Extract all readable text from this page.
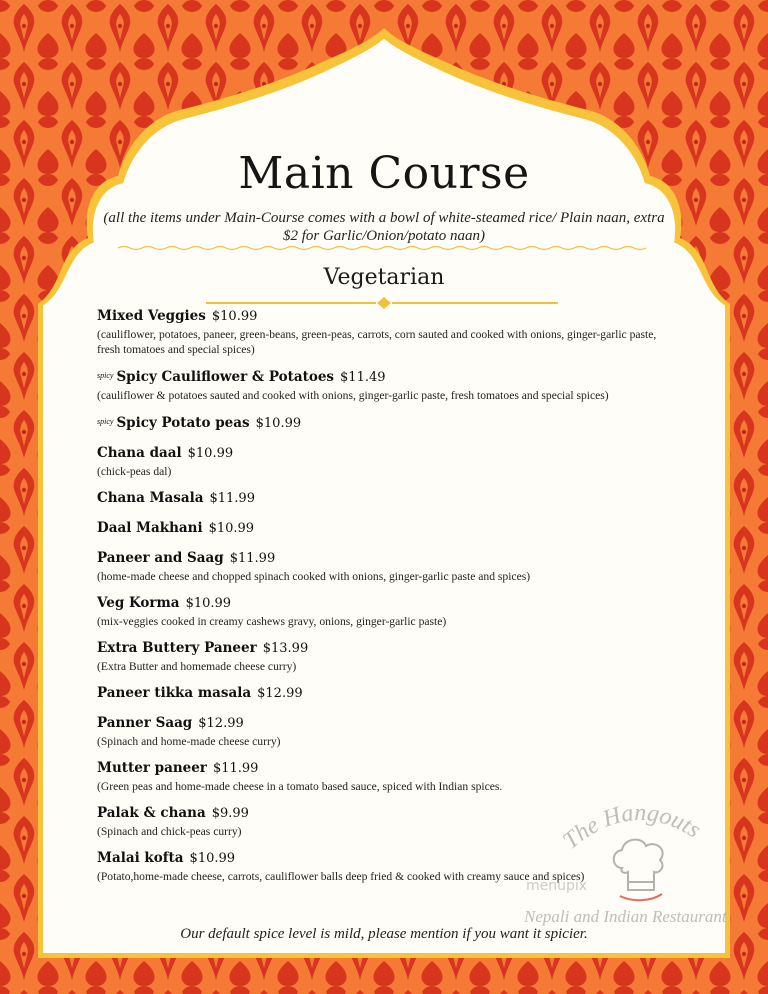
Main Course
(all the items under Main-Course comes with a bowl of white-steamed rice/ Plain naan, extra $2 for Garlic/Onion/potato naan)
Vegetarian
Mixed Veggies $10.99
(cauliflower, potatoes, paneer, green-beans, green-peas, carrots, corn sauted and cooked with onions, ginger-garlic paste, fresh tomatoes and special spices)
$^{spicy}$ Spicy Cauliflower & Potatoes $11.49
(cauliflower & potatoes sauted and cooked with onions, ginger-garlic paste, fresh tomatoes and special spices)
$^{spicy}$ Spicy Potato peas $10.99
Chana daal $10.99
(chick-peas dal)
Chana Masala $11.99
Daal Makhani $10.99
Paneer and Saag $11.99
(home-made cheese and chopped spinach cooked with onions, ginger-garlic paste and spices)
Veg Korma $10.99
(mix-veggies cooked in creamy cashews gravy, onions, ginger-garlic paste)
Extra Buttery Paneer $13.99
(Extra Butter and homemade cheese curry)
Paneer tikka masala $12.99
Panner Saag $12.99
(Spinach and home-made cheese curry)
Mutter paneer $11.99
(Green peas and home-made cheese in a tomato based sauce, spiced with Indian spices.
Palak & chana $9.99
(Spinach and chick-peas curry)
Malai kofta $10.99
(Potato,home-made cheese, carrots, cauliflower balls deep fried & cooked with creamy sauce and spices)
Our default spice level is mild, please mention if you want it spicier.
The Hangouts
Nepali and Indian Restaurant
menupix
